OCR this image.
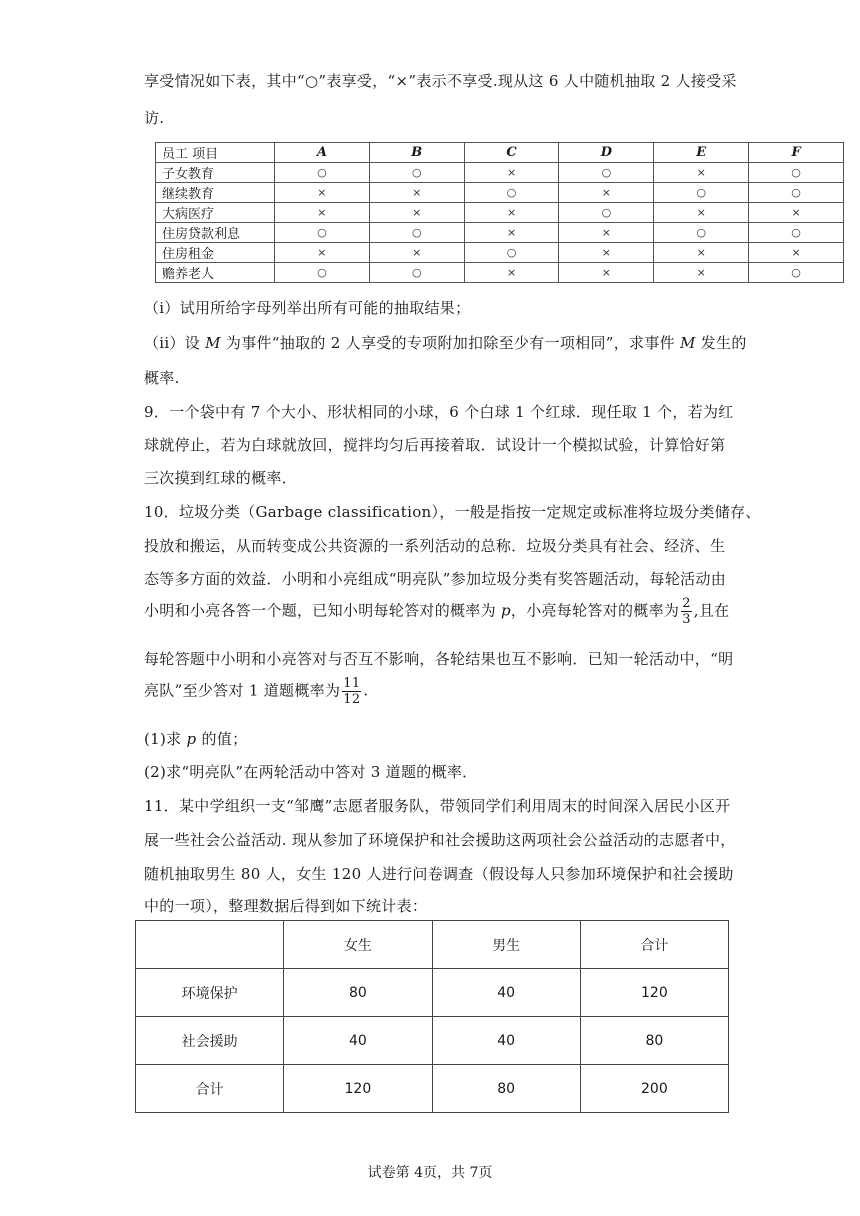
享受情况如下表，其中“○”表享受，“×”表示不享受.现从这 6 人中随机抽取 2 人接受采
访.
员工 项目	A	B	C	D	E	F
子女教育	○	○	×	○	×	○
继续教育	×	×	○	×	○	○
大病医疗	×	×	×	○	×	×
住房贷款利息	○	○	×	×	○	○
住房租金	×	×	○	×	×	×
赡养老人	○	○	×	×	×	○
（i）试用所给字母列举出所有可能的抽取结果；
（ii）设 M 为事件“抽取的 2 人享受的专项附加扣除至少有一项相同”，求事件 M 发生的
概率.
9．一个袋中有 7 个大小、形状相同的小球，6 个白球 1 个红球．现任取 1 个，若为红
球就停止，若为白球就放回，搅拌均匀后再接着取．试设计一个模拟试验，计算恰好第
三次摸到红球的概率．
10．垃圾分类（Garbage classification），一般是指按一定规定或标准将垃圾分类储存、
投放和搬运，从而转变成公共资源的一系列活动的总称．垃圾分类具有社会、经济、生
态等多方面的效益．小明和小亮组成“明亮队”参加垃圾分类有奖答题活动，每轮活动由
小明和小亮各答一个题，已知小明每轮答对的概率为 p，小亮每轮答对的概率为 $\frac{2}{3}$ ,且在
每轮答题中小明和小亮答对与否互不影响，各轮结果也互不影响．已知一轮活动中，“明
亮队”至少答对 1 道题概率为 $\frac{11}{12}$ .
(1)求 p 的值；
(2)求“明亮队”在两轮活动中答对 3 道题的概率．
11．某中学组织一支“邹鹰”志愿者服务队，带领同学们利用周末的时间深入居民小区开
展一些社会公益活动. 现从参加了环境保护和社会援助这两项社会公益活动的志愿者中，
随机抽取男生 80 人，女生 120 人进行问卷调查（假设每人只参加环境保护和社会援助
中的一项），整理数据后得到如下统计表：
	女生	男生	合计
环境保护	80	40	120
社会援助	40	40	80
合计	120	80	200
试卷第 4页，共 7页
